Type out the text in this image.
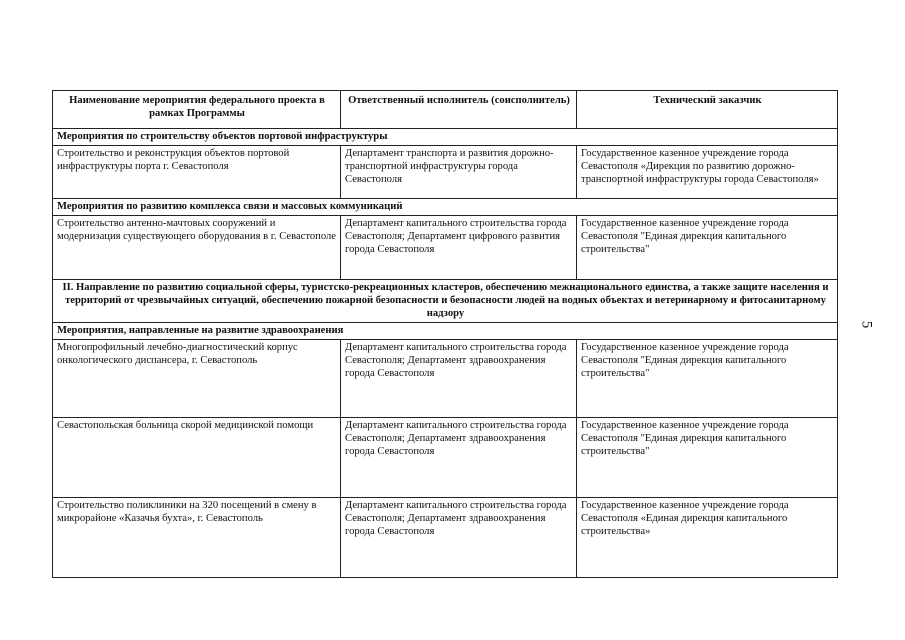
Наименование мероприятия федерального проекта в рамках Программы	Ответственный исполнитель (соисполнитель)	Технический заказчик
Мероприятия по строительству объектов портовой инфраструктуры		
Строительство и реконструкция объектов портовой инфраструктуры порта г. Севастополя	Департамент транспорта и развития дорожно-транспортной инфраструктуры города Севастополя	Государственное казенное учреждение города Севастополя «Дирекция по развитию дорожно-транспортной инфраструктуры города Севастополя»
Мероприятия по развитию комплекса связи и массовых коммуникаций		
Строительство антенно-мачтовых сооружений и модернизация существующего оборудования в г. Севастополе	Департамент капитального строительства города Севастополя; Департамент цифрового развития города Севастополя	Государственное казенное учреждение города Севастополя "Единая дирекция капитального строительства"
II. Направление по развитию социальной сферы, туристско-рекреационных кластеров, обеспечению межнационального единства, а также защите населения и территорий от чрезвычайных ситуаций, обеспечению пожарной безопасности и безопасности людей на водных объектах и ветеринарному и фитосанитарному надзору		
Мероприятия, направленные на развитие здравоохранения		
Многопрофильный лечебно-диагностический корпус онкологического диспансера, г. Севастополь	Департамент капитального строительства города Севастополя; Департамент здравоохранения города Севастополя	Государственное казенное учреждение города Севастополя "Единая дирекция капитального строительства"
Севастопольская больница скорой медицинской помощи	Департамент капитального строительства города Севастополя; Департамент здравоохранения города Севастополя	Государственное казенное учреждение города Севастополя "Единая дирекция капитального строительства"
Строительство поликлиники на 320 посещений в смену в микрорайоне «Казачья бухта», г. Севастополь	Департамент капитального строительства города Севастополя; Департамент здравоохранения города Севастополя	Государственное казенное учреждение города Севастополя «Единая дирекция капитального строительства»
5
